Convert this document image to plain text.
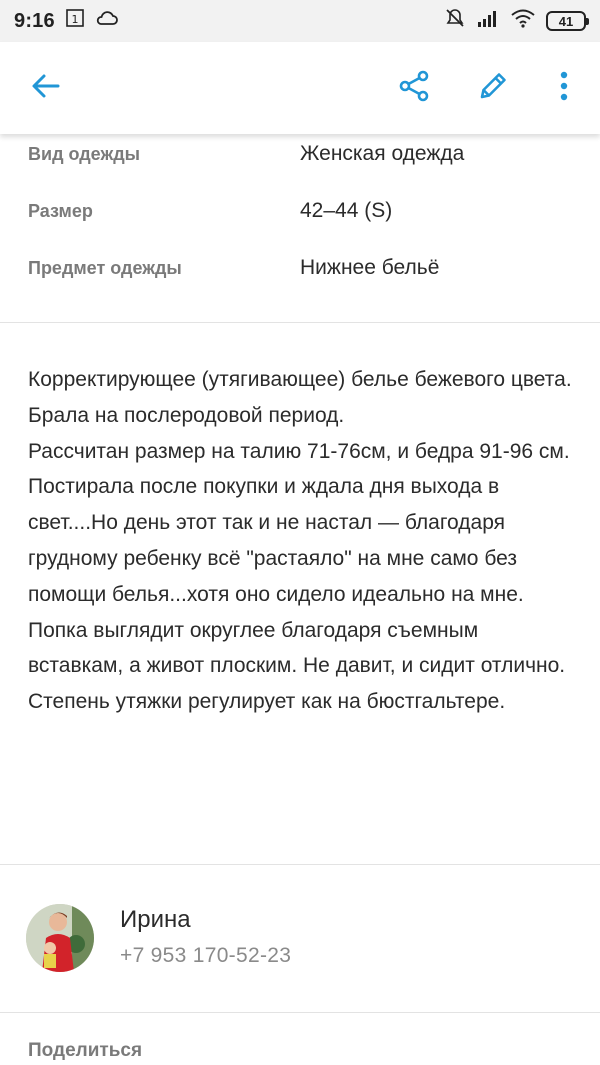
9:16 1	41
Вид одежды	Женская одежда
Размер	42–44 (S)
Предмет одежды	Нижнее бельё

Корректирующее (утягивающее) белье бежевого цвета.

Брала на послеродовой период.

Рассчитан размер на талию 71-76см, и бедра 91-96 см.

Постирала после покупки и ждала дня выхода в свет....Но день этот так и не настал — благодаря грудному ребенку всё "растаяло" на мне само без помощи белья...хотя оно сидело идеально на мне.

Попка выглядит округлее благодаря съемным вставкам, а живот плоским. Не давит, и сидит отлично.

Степень утяжки регулирует как на бюстгальтере.

Ирина
+7 953 170-52-23
Поделиться
